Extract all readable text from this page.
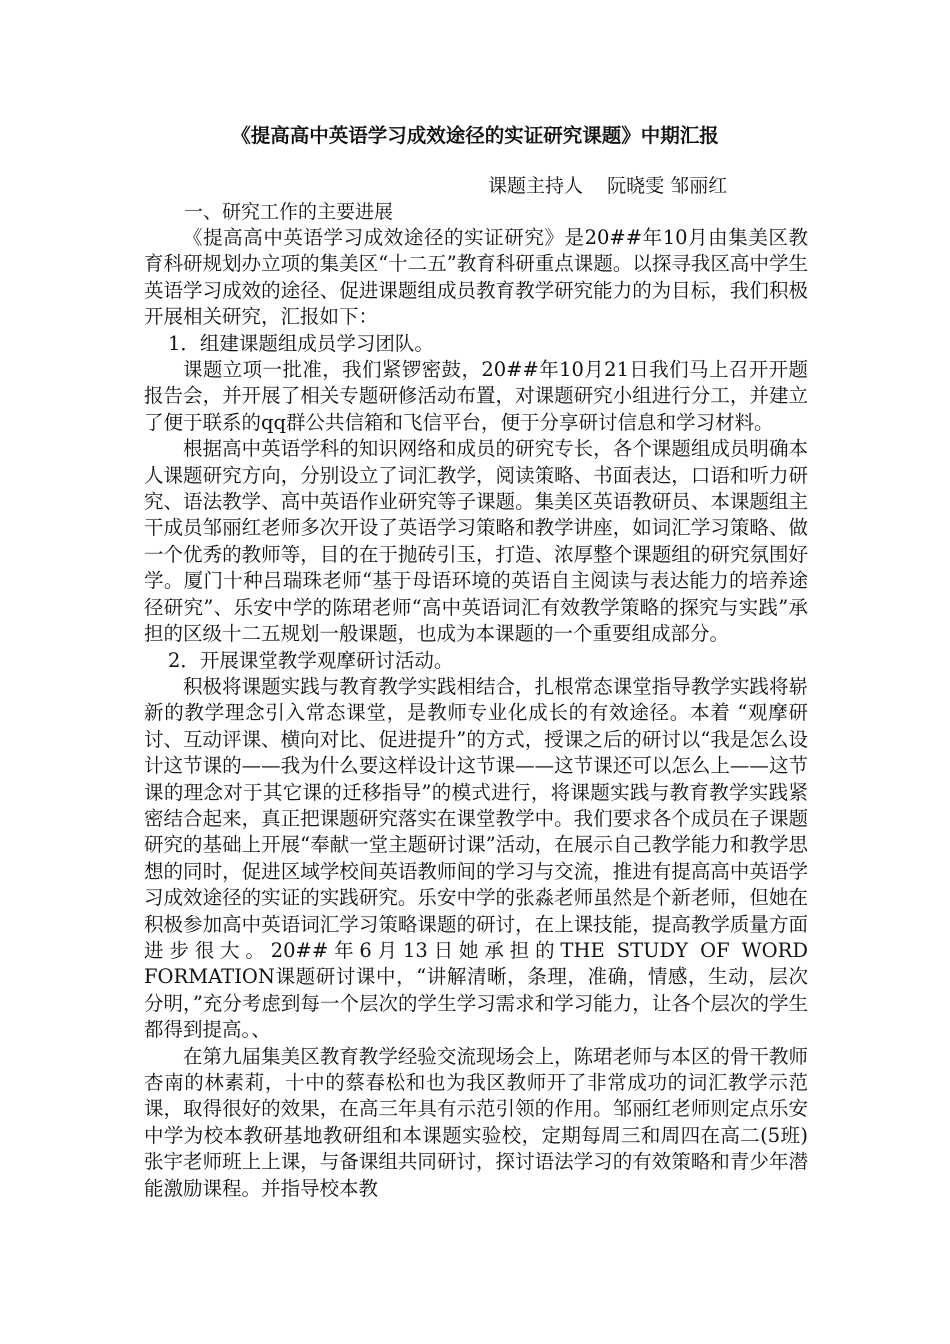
《提高高中英语学习成效途径的实证研究课题》中期汇报
课题主持人    阮晓雯 邹丽红
一、研究工作的主要进展

《提高高中英语学习成效途径的实证研究》是20##年10月由集美区教育科研规划办立项的集美区“十二五”教育科研重点课题。以探寻我区高中学生英语学习成效的途径、促进课题组成员教育教学研究能力的为目标，我们积极开展相关研究，汇报如下：

1．组建课题组成员学习团队。

课题立项一批准，我们紧锣密鼓，20##年10月21日我们马上召开开题报告会，并开展了相关专题研修活动布置，对课题研究小组进行分工，并建立了便于联系的qq群公共信箱和飞信平台，便于分享研讨信息和学习材料。

根据高中英语学科的知识网络和成员的研究专长，各个课题组成员明确本人课题研究方向，分别设立了词汇教学，阅读策略、书面表达，口语和听力研究、语法教学、高中英语作业研究等子课题。集美区英语教研员、本课题组主干成员邹丽红老师多次开设了英语学习策略和教学讲座，如词汇学习策略、做一个优秀的教师等，目的在于抛砖引玉，打造、浓厚整个课题组的研究氛围好学。厦门十种吕瑞珠老师“基于母语环境的英语自主阅读与表达能力的培养途径研究”、乐安中学的陈珺老师“高中英语词汇有效教学策略的探究与实践”承担的区级十二五规划一般课题，也成为本课题的一个重要组成部分。

2．开展课堂教学观摩研讨活动。

积极将课题实践与教育教学实践相结合，扎根常态课堂指导教学实践将崭新的教学理念引入常态课堂，是教师专业化成长的有效途径。本着 “观摩研讨、互动评课、横向对比、促进提升”的方式，授课之后的研讨以“我是怎么设计这节课的——我为什么要这样设计这节课——这节课还可以怎么上——这节课的理念对于其它课的迁移指导”的模式进行，将课题实践与教育教学实践紧密结合起来，真正把课题研究落实在课堂教学中。我们要求各个成员在子课题研究的基础上开展“奉献一堂主题研讨课”活动，在展示自己教学能力和教学思想的同时，促进区域学校间英语教师间的学习与交流，推进有提高高中英语学习成效途径的实证的实践研究。乐安中学的张淼老师虽然是个新老师，但她在积极参加高中英语词汇学习策略课题的研讨，在上课技能，提高教学质量方面进步很大。20##年6月13日她承担的THE STUDY OF WORD FORMATION课题研讨课中，“讲解清晰，条理，准确，情感，生动，层次分明，”充分考虑到每一个层次的学生学习需求和学习能力，让各个层次的学生都得到提高。、

在第九届集美区教育教学经验交流现场会上，陈珺老师与本区的骨干教师杏南的林素莉，十中的蔡春松和也为我区教师开了非常成功的词汇教学示范课，取得很好的效果，在高三年具有示范引领的作用。邹丽红老师则定点乐安中学为校本教研基地教研组和本课题实验校，定期每周三和周四在高二(5班)张宇老师班上上课，与备课组共同研讨，探讨语法学习的有效策略和青少年潜能激励课程。并指导校本教
